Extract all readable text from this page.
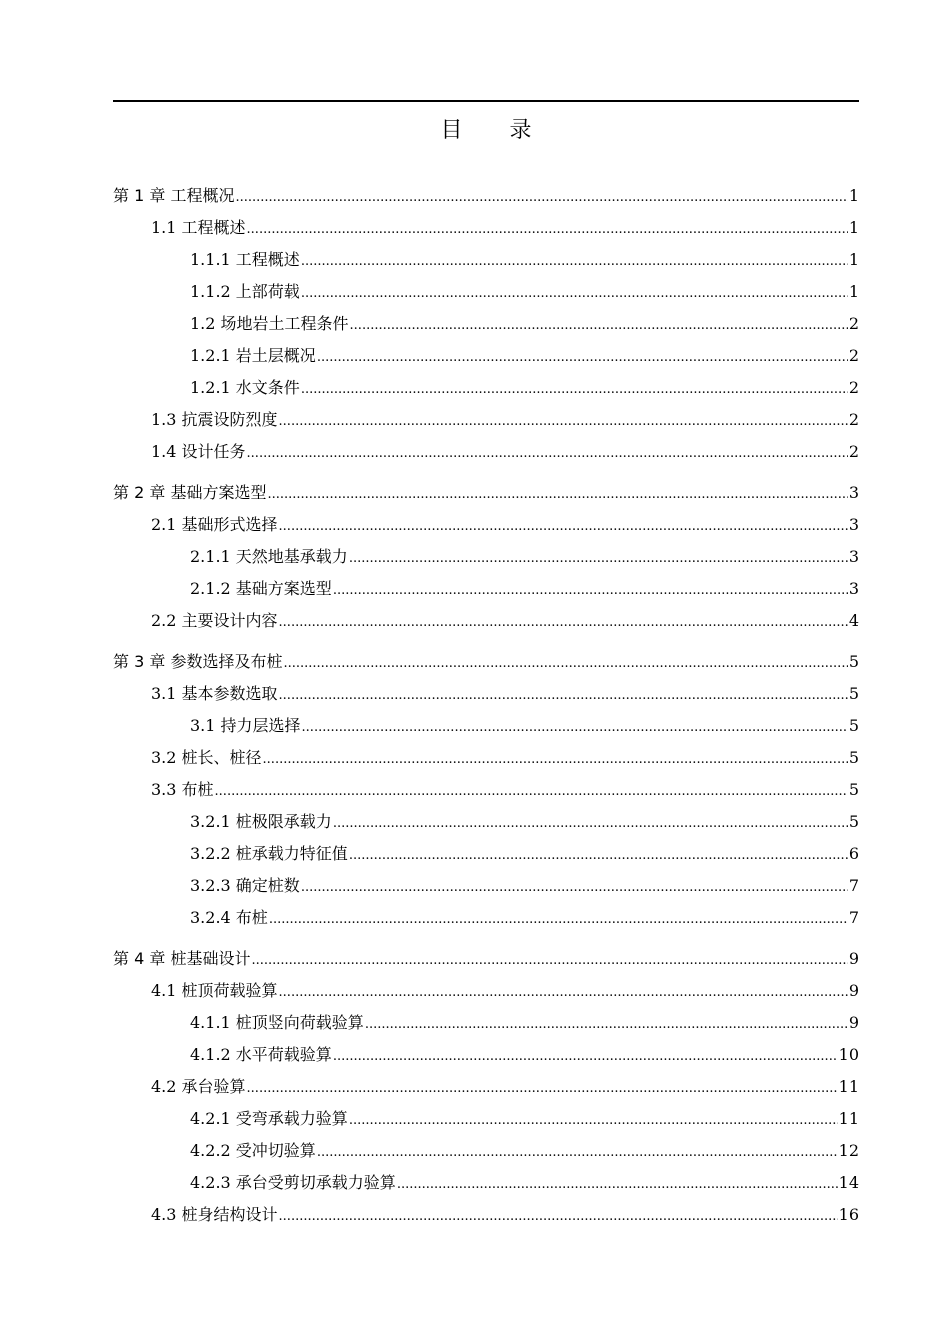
目 录
第 1 章 工程概况 .....	1
1.1 工程概述 .....	1
1.1.1 工程概述 .....	1
1.1.2 上部荷载 .....	1
1.2 场地岩土工程条件 .....	2
1.2.1 岩土层概况 .....	2
1.2.1 水文条件 .....	2
1.3 抗震设防烈度 .....	2
1.4 设计任务 .....	2
第 2 章 基础方案选型 .....	3
2.1 基础形式选择 .....	3
2.1.1 天然地基承载力 .....	3
2.1.2 基础方案选型 .....	3
2.2 主要设计内容 .....	4
第 3 章 参数选择及布桩 .....	5
3.1 基本参数选取 .....	5
3.1 持力层选择 .....	5
3.2 桩长、桩径 .....	5
3.3 布桩 .....	5
3.2.1 桩极限承载力 .....	5
3.2.2 桩承载力特征值 .....	6
3.2.3 确定桩数 .....	7
3.2.4 布桩 .....	7
第 4 章 桩基础设计 .....	9
4.1 桩顶荷载验算 .....	9
4.1.1 桩顶竖向荷载验算 .....	9
4.1.2 水平荷载验算 .....	10
4.2 承台验算 .....	11
4.2.1 受弯承载力验算 .....	11
4.2.2 受冲切验算 .....	12
4.2.3 承台受剪切承载力验算 .....	14
4.3 桩身结构设计 .....	16
